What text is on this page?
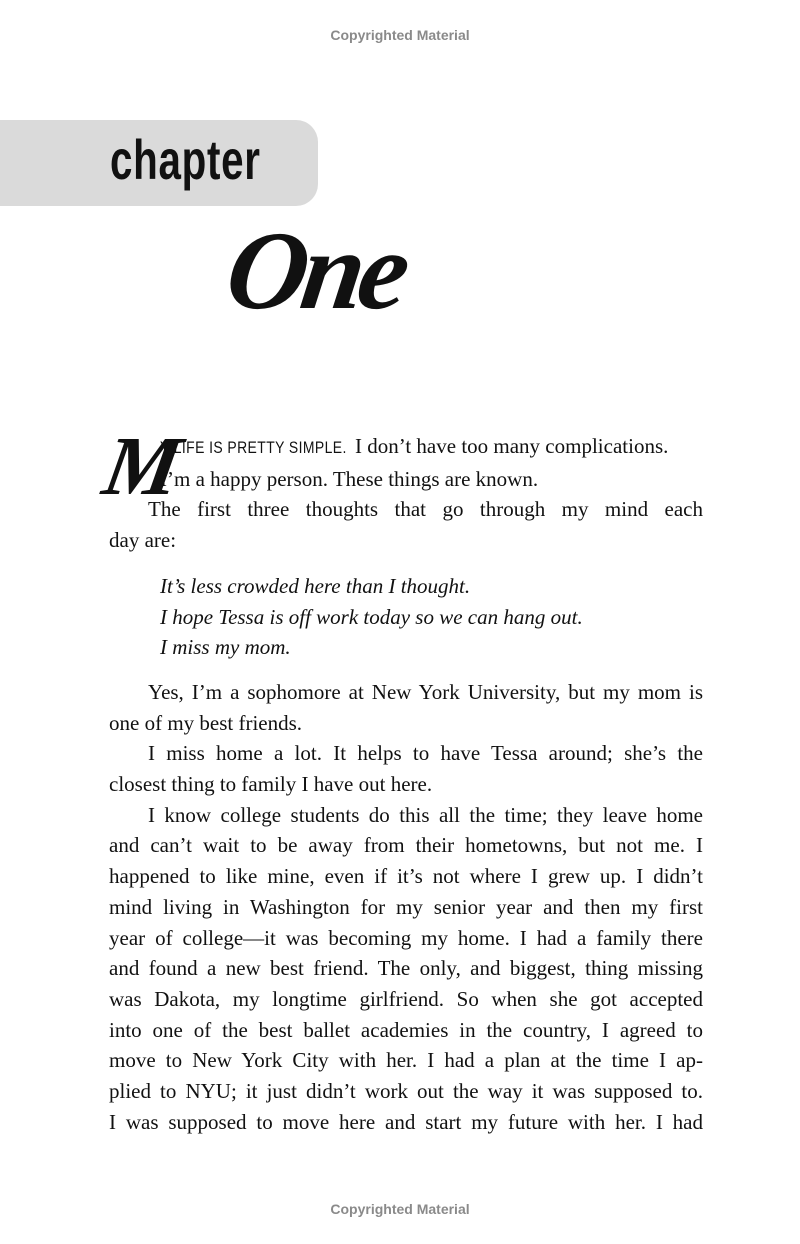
Copyrighted Material
chapter
One
M
Y LIFE IS PRETTY SIMPLE. I don’t have too many complications.
I’m a happy person. These things are known.
The first three thoughts that go through my mind each
day are:
It’s less crowded here than I thought.
I hope Tessa is off work today so we can hang out.
I miss my mom.
Yes, I’m a sophomore at New York University, but my mom is
one of my best friends.
I miss home a lot. It helps to have Tessa around; she’s the
closest thing to family I have out here.
I know college students do this all the time; they leave home
and can’t wait to be away from their hometowns, but not me. I
happened to like mine, even if it’s not where I grew up. I didn’t
mind living in Washington for my senior year and then my first
year of college—it was becoming my home. I had a family there
and found a new best friend. The only, and biggest, thing missing
was Dakota, my longtime girlfriend. So when she got accepted
into one of the best ballet academies in the country, I agreed to
move to New York City with her. I had a plan at the time I ap-
plied to NYU; it just didn’t work out the way it was supposed to.
I was supposed to move here and start my future with her. I had
Copyrighted Material
